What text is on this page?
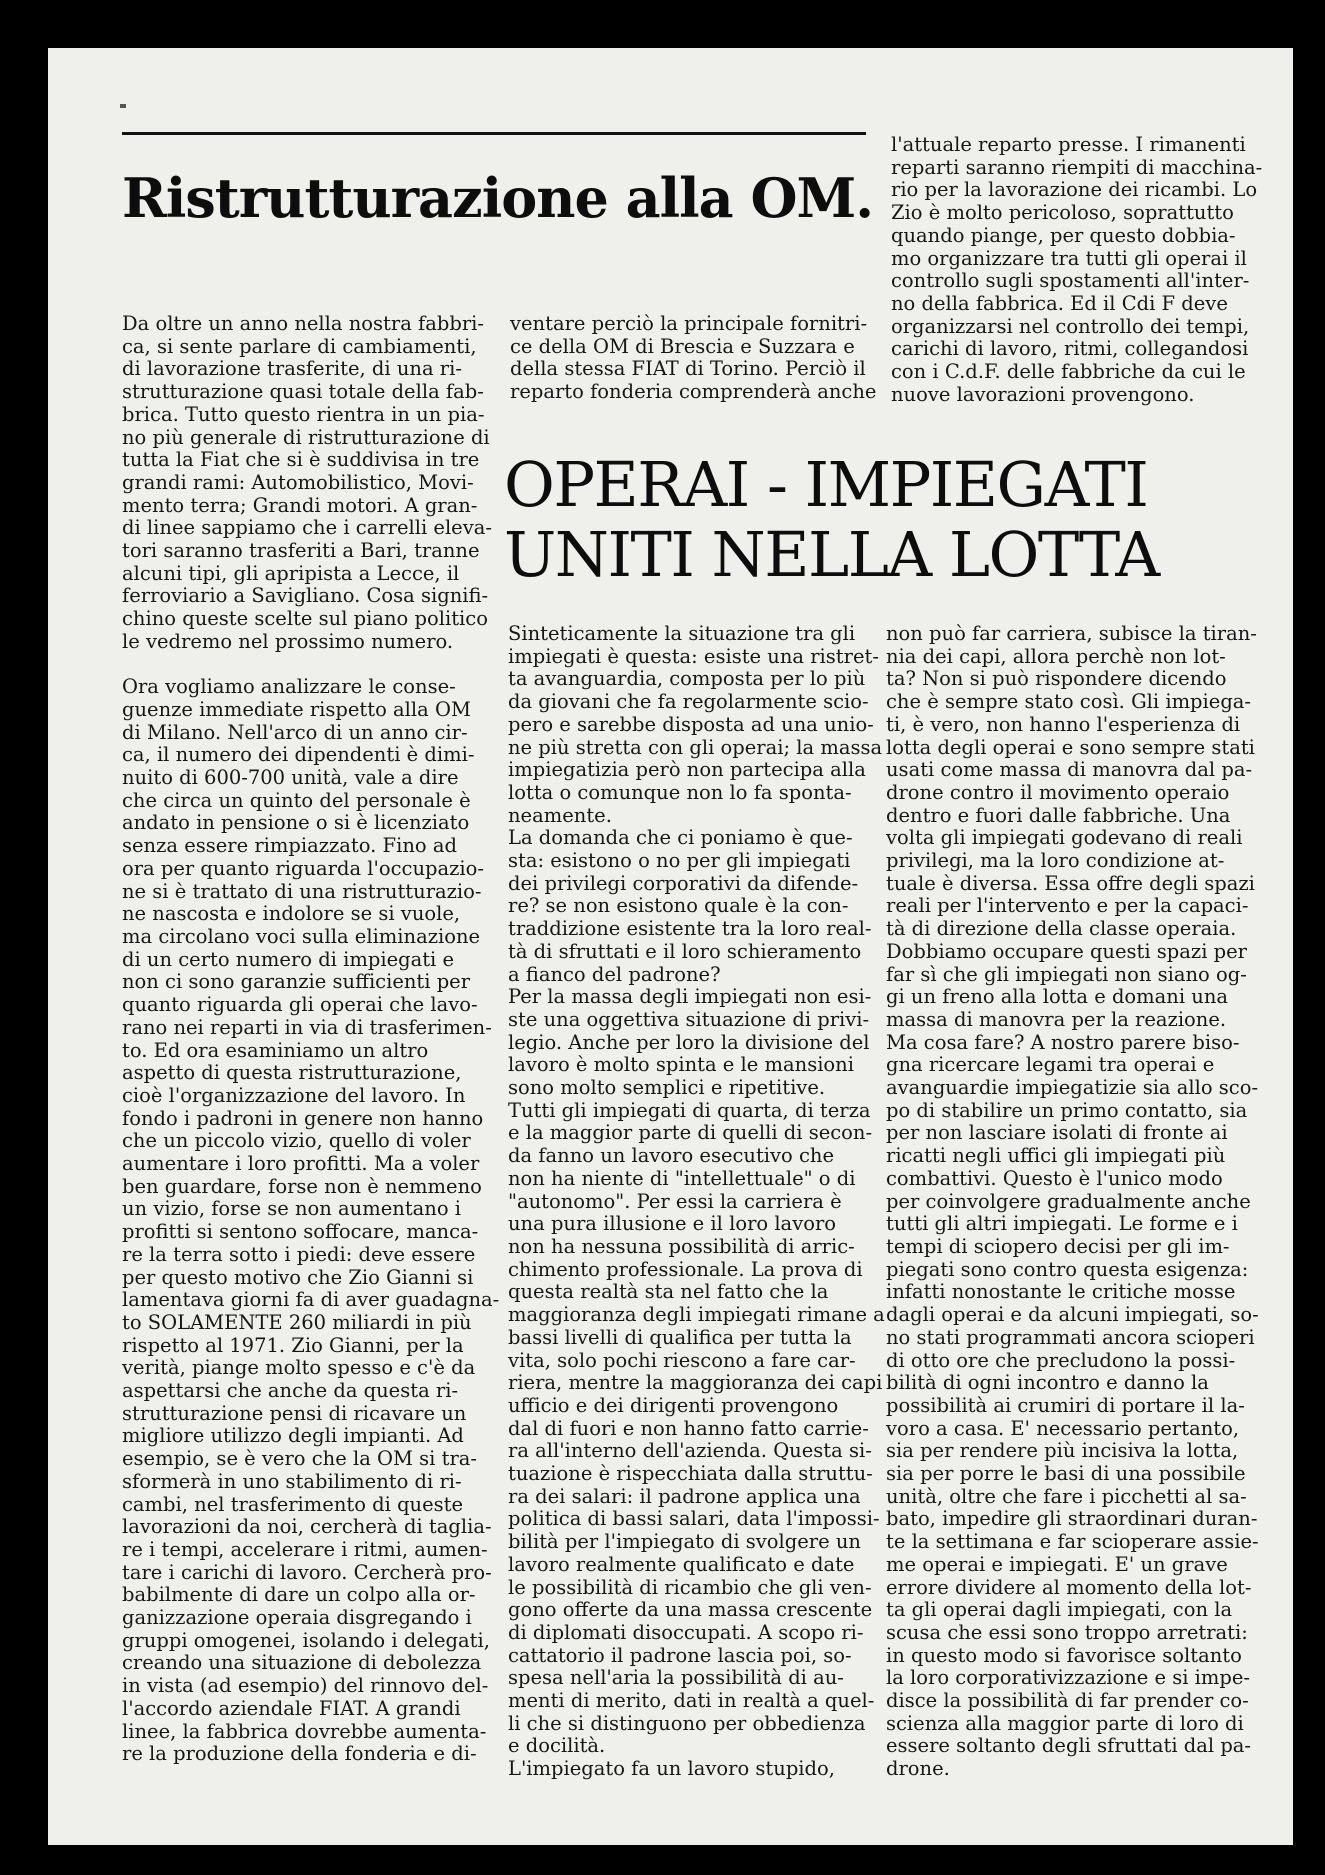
Ristrutturazione alla OM.
Da oltre un anno nella nostra fabbri-
ca, si sente parlare di cambiamenti,
di lavorazione trasferite, di una ri-
strutturazione quasi totale della fab-
brica. Tutto questo rientra in un pia-
no più generale di ristrutturazione di
tutta la Fiat che si è suddivisa in tre
grandi rami: Automobilistico, Movi-
mento terra; Grandi motori. A gran-
di linee sappiamo che i carrelli eleva-
tori saranno trasferiti a Bari, tranne
alcuni tipi, gli apripista a Lecce, il
ferroviario a Savigliano. Cosa signifi-
chino queste scelte sul piano politico
le vedremo nel prossimo numero.

Ora vogliamo analizzare le conse-
guenze immediate rispetto alla OM
di Milano. Nell'arco di un anno cir-
ca, il numero dei dipendenti è dimi-
nuito di 600-700 unità, vale a dire
che circa un quinto del personale è
andato in pensione o si è licenziato
senza essere rimpiazzato. Fino ad
ora per quanto riguarda l'occupazio-
ne si è trattato di una ristrutturazio-
ne nascosta e indolore se si vuole,
ma circolano voci sulla eliminazione
di un certo numero di impiegati e
non ci sono garanzie sufficienti per
quanto riguarda gli operai che lavo-
rano nei reparti in via di trasferimen-
to. Ed ora esaminiamo un altro
aspetto di questa ristrutturazione,
cioè l'organizzazione del lavoro. In
fondo i padroni in genere non hanno
che un piccolo vizio, quello di voler
aumentare i loro profitti. Ma a voler
ben guardare, forse non è nemmeno
un vizio, forse se non aumentano i
profitti si sentono soffocare, manca-
re la terra sotto i piedi: deve essere
per questo motivo che Zio Gianni si
lamentava giorni fa di aver guadagna-
to SOLAMENTE 260 miliardi in più
rispetto al 1971. Zio Gianni, per la
verità, piange molto spesso e c'è da
aspettarsi che anche da questa ri-
strutturazione pensi di ricavare un
migliore utilizzo degli impianti. Ad
esempio, se è vero che la OM si tra-
sformerà in uno stabilimento di ri-
cambi, nel trasferimento di queste
lavorazioni da noi, cercherà di taglia-
re i tempi, accelerare i ritmi, aumen-
tare i carichi di lavoro. Cercherà pro-
babilmente di dare un colpo alla or-
ganizzazione operaia disgregando i
gruppi omogenei, isolando i delegati,
creando una situazione di debolezza
in vista (ad esempio) del rinnovo del-
l'accordo aziendale FIAT. A grandi
linee, la fabbrica dovrebbe aumenta-
re la produzione della fonderia e di-
ventare perciò la principale fornitri-
ce della OM di Brescia e Suzzara e
della stessa FIAT di Torino. Perciò il
reparto fonderia comprenderà anche
l'attuale reparto presse. I rimanenti
reparti saranno riempiti di macchina-
rio per la lavorazione dei ricambi. Lo
Zio è molto pericoloso, soprattutto
quando piange, per questo dobbia-
mo organizzare tra tutti gli operai il
controllo sugli spostamenti all'inter-
no della fabbrica. Ed il Cdi F deve
organizzarsi nel controllo dei tempi,
carichi di lavoro, ritmi, collegandosi
con i C.d.F. delle fabbriche da cui le
nuove lavorazioni provengono.
OPERAI - IMPIEGATI
UNITI NELLA LOTTA
Sinteticamente la situazione tra gli
impiegati è questa: esiste una ristret-
ta avanguardia, composta per lo più
da giovani che fa regolarmente scio-
pero e sarebbe disposta ad una unio-
ne più stretta con gli operai; la massa
impiegatizia però non partecipa alla
lotta o comunque non lo fa sponta-
neamente.
La domanda che ci poniamo è que-
sta: esistono o no per gli impiegati
dei privilegi corporativi da difende-
re? se non esistono quale è la con-
traddizione esistente tra la loro real-
tà di sfruttati e il loro schieramento
a fianco del padrone?
Per la massa degli impiegati non esi-
ste una oggettiva situazione di privi-
legio. Anche per loro la divisione del
lavoro è molto spinta e le mansioni
sono molto semplici e ripetitive.
Tutti gli impiegati di quarta, di terza
e la maggior parte di quelli di secon-
da fanno un lavoro esecutivo che
non ha niente di "intellettuale" o di
"autonomo". Per essi la carriera è
una pura illusione e il loro lavoro
non ha nessuna possibilità di arric-
chimento professionale. La prova di
questa realtà sta nel fatto che la
maggioranza degli impiegati rimane a
bassi livelli di qualifica per tutta la
vita, solo pochi riescono a fare car-
riera, mentre la maggioranza dei capi
ufficio e dei dirigenti provengono
dal di fuori e non hanno fatto carrie-
ra all'interno dell'azienda. Questa si-
tuazione è rispecchiata dalla struttu-
ra dei salari: il padrone applica una
politica di bassi salari, data l'impossi-
bilità per l'impiegato di svolgere un
lavoro realmente qualificato e date
le possibilità di ricambio che gli ven-
gono offerte da una massa crescente
di diplomati disoccupati. A scopo ri-
cattatorio il padrone lascia poi, so-
spesa nell'aria la possibilità di au-
menti di merito, dati in realtà a quel-
li che si distinguono per obbedienza
e docilità.
L'impiegato fa un lavoro stupido,
non può far carriera, subisce la tiran-
nia dei capi, allora perchè non lot-
ta? Non si può rispondere dicendo
che è sempre stato così. Gli impiega-
ti, è vero, non hanno l'esperienza di
lotta degli operai e sono sempre stati
usati come massa di manovra dal pa-
drone contro il movimento operaio
dentro e fuori dalle fabbriche. Una
volta gli impiegati godevano di reali
privilegi, ma la loro condizione at-
tuale è diversa. Essa offre degli spazi
reali per l'intervento e per la capaci-
tà di direzione della classe operaia.
Dobbiamo occupare questi spazi per
far sì che gli impiegati non siano og-
gi un freno alla lotta e domani una
massa di manovra per la reazione.
Ma cosa fare? A nostro parere biso-
gna ricercare legami tra operai e
avanguardie impiegatizie sia allo sco-
po di stabilire un primo contatto, sia
per non lasciare isolati di fronte ai
ricatti negli uffici gli impiegati più
combattivi. Questo è l'unico modo
per coinvolgere gradualmente anche
tutti gli altri impiegati. Le forme e i
tempi di sciopero decisi per gli im-
piegati sono contro questa esigenza:
infatti nonostante le critiche mosse
dagli operai e da alcuni impiegati, so-
no stati programmati ancora scioperi
di otto ore che precludono la possi-
bilità di ogni incontro e danno la
possibilità ai crumiri di portare il la-
voro a casa. E' necessario pertanto,
sia per rendere più incisiva la lotta,
sia per porre le basi di una possibile
unità, oltre che fare i picchetti al sa-
bato, impedire gli straordinari duran-
te la settimana e far scioperare assie-
me operai e impiegati. E' un grave
errore dividere al momento della lot-
ta gli operai dagli impiegati, con la
scusa che essi sono troppo arretrati:
in questo modo si favorisce soltanto
la loro corporativizzazione e si impe-
disce la possibilità di far prender co-
scienza alla maggior parte di loro di
essere soltanto degli sfruttati dal pa-
drone.
